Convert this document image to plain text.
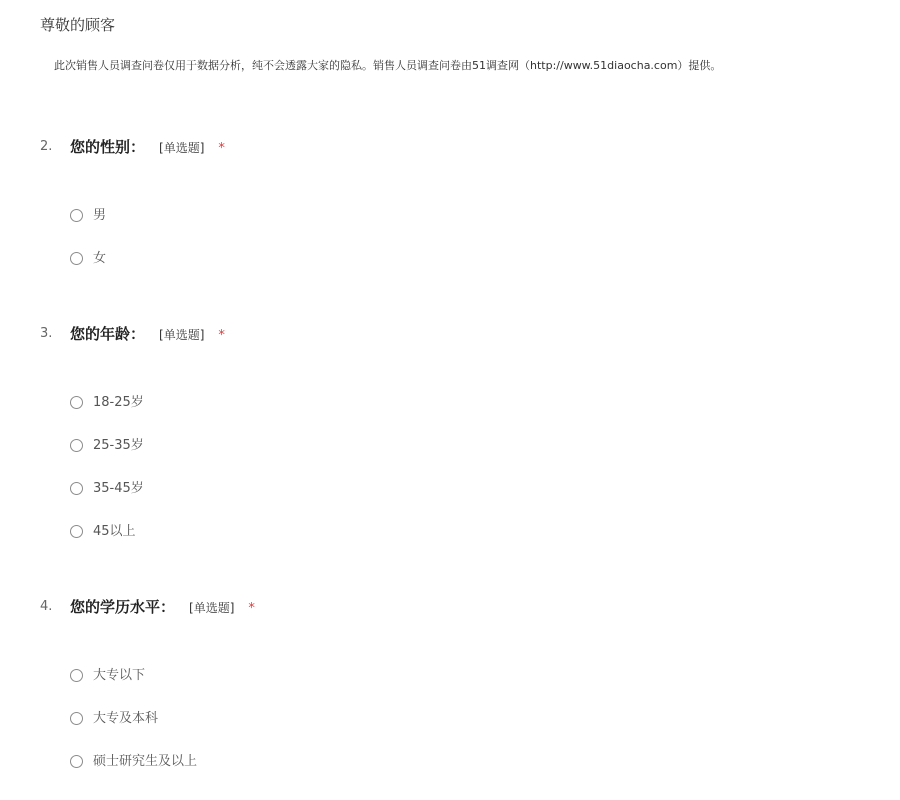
尊敬的顾客
此次销售人员调查问卷仅用于数据分析，纯不会透露大家的隐私。销售人员调查问卷由51调查网（http://www.51diaocha.com）提供。
2. 您的性别： [单选题] *
男
女
3. 您的年龄： [单选题] *
18-25岁
25-35岁
35-45岁
45以上
4. 您的学历水平： [单选题] *
大专以下
大专及本科
硕士研究生及以上
